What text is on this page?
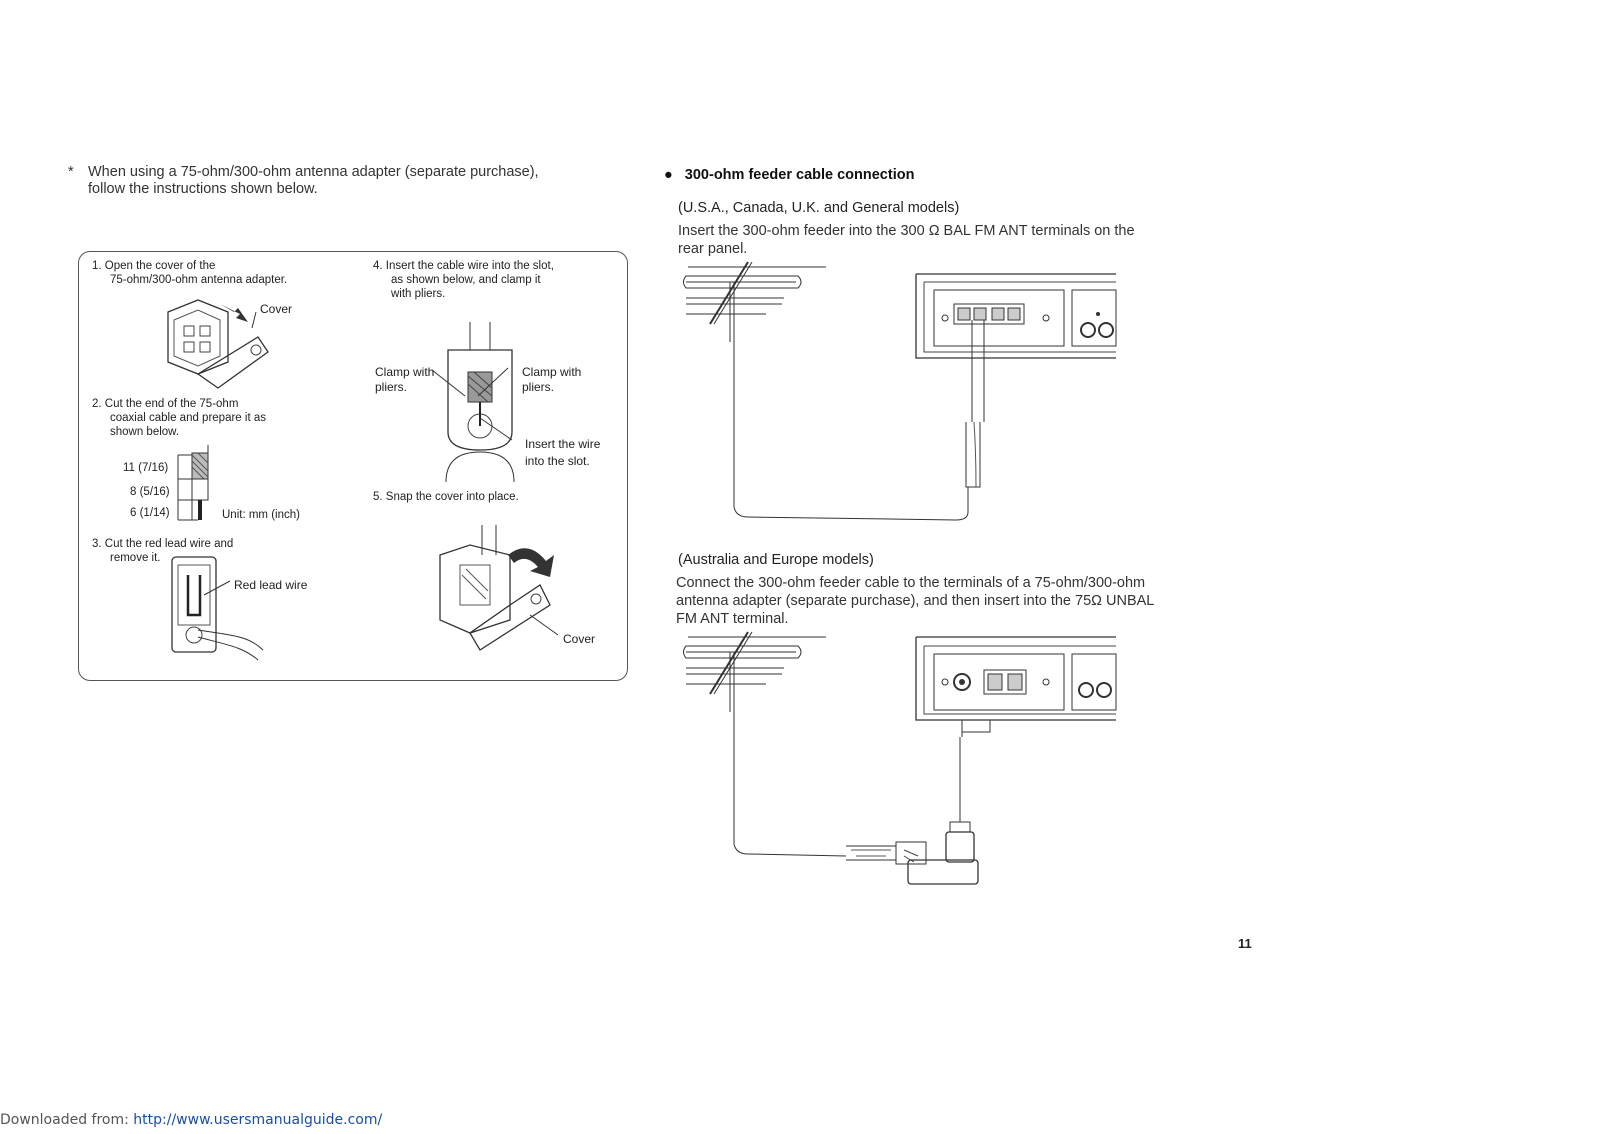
* When using a 75-ohm/300-ohm antenna adapter (separate purchase),
follow the instructions shown below.
1. Open the cover of the
75-ohm/300-ohm antenna adapter.
Cover
2. Cut the end of the 75-ohm
coaxial cable and prepare it as
shown below.
11 (7/16)
8 (5/16)
6 (1/14)	Unit: mm (inch)
3. Cut the red lead wire and
remove it.
Red lead wire
4. Insert the cable wire into the slot,
as shown below, and clamp it
with pliers.
Clamp with
pliers.
Clamp with
pliers.
Insert the wire
into the slot.
5. Snap the cover into place.
Cover
● 300-ohm feeder cable connection
(U.S.A., Canada, U.K. and General models)
Insert the 300-ohm feeder into the 300 Ω BAL FM ANT terminals on the
rear panel.
(Australia and Europe models)
Connect the 300-ohm feeder cable to the terminals of a 75-ohm/300-ohm
antenna adapter (separate purchase), and then insert into the 75Ω UNBAL
FM ANT terminal.
11
Downloaded from: http://www.usersmanualguide.com/
